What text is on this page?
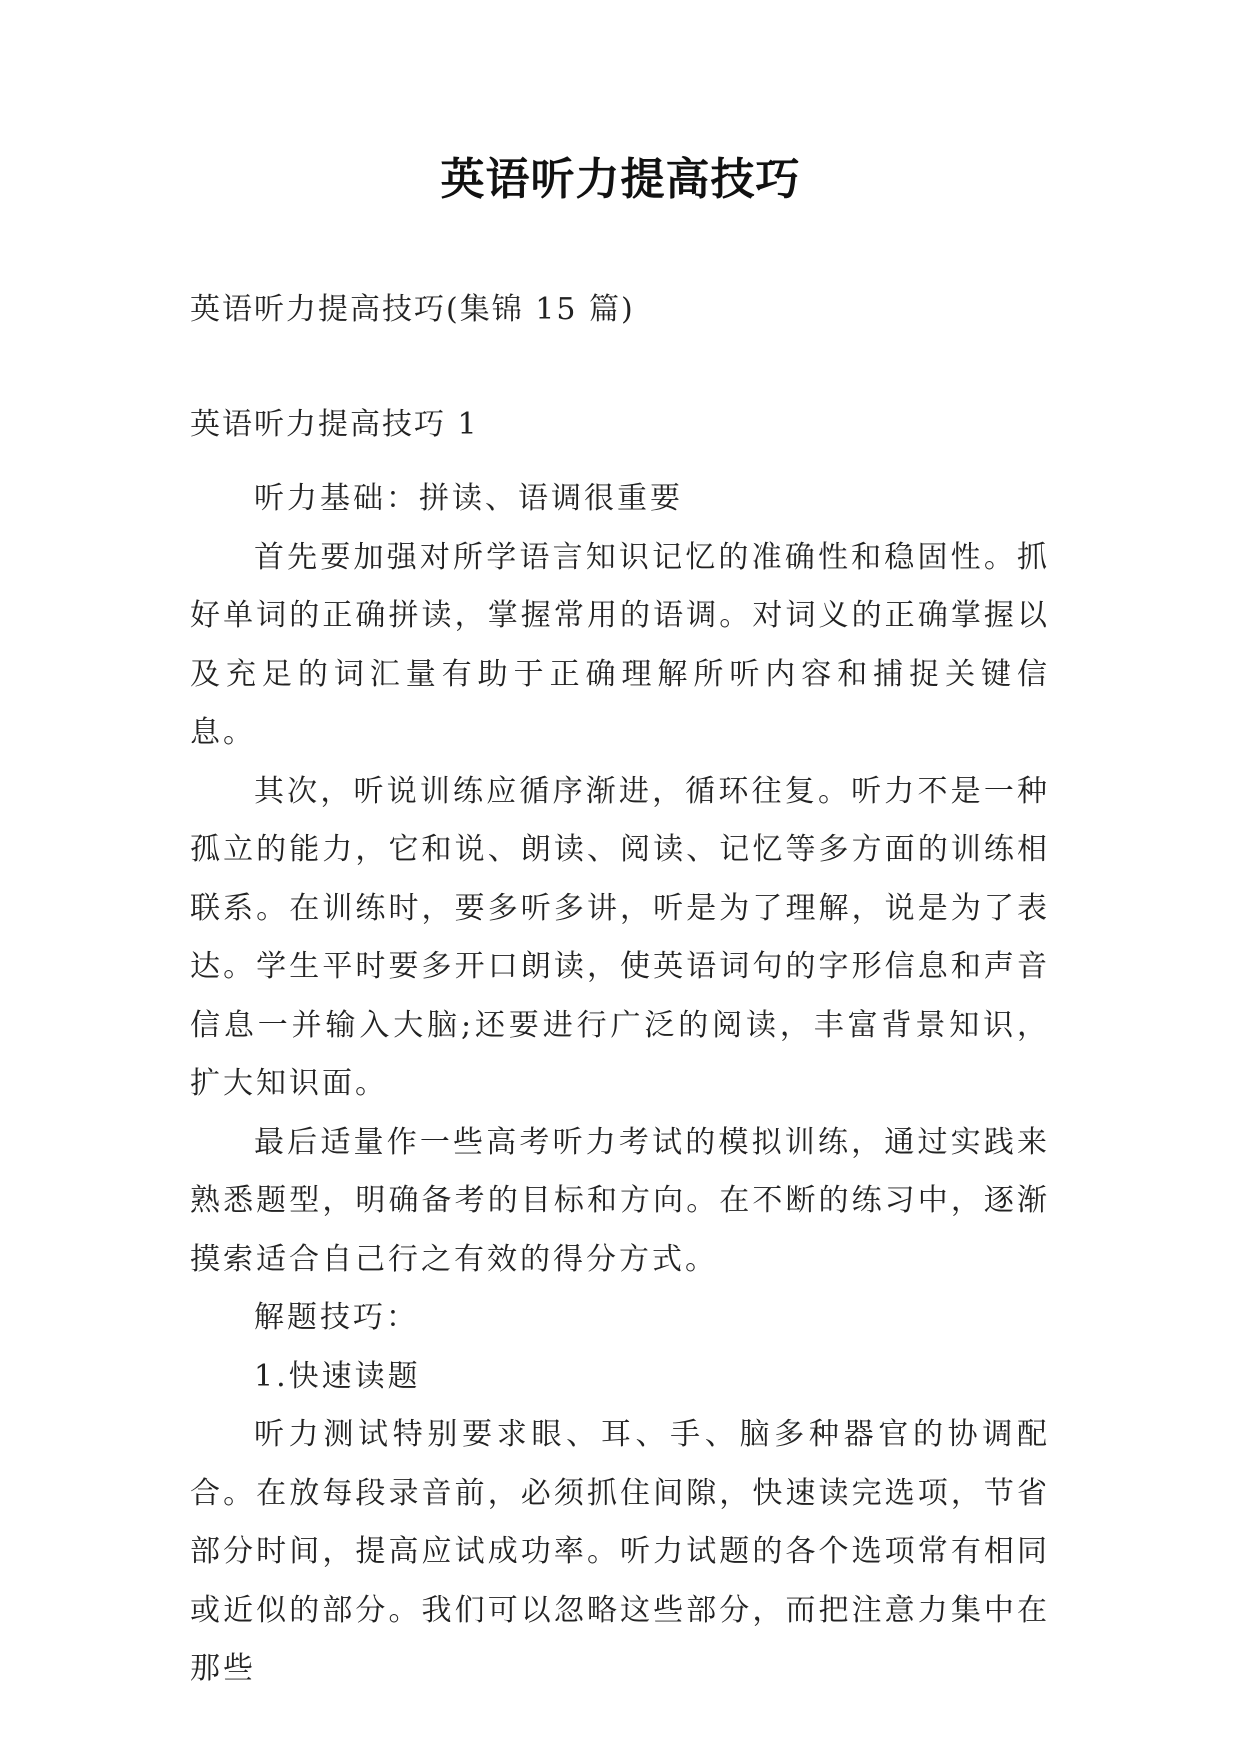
英语听力提高技巧
英语听力提高技巧(集锦 15 篇)
英语听力提高技巧 1

听力基础：拼读、语调很重要

首先要加强对所学语言知识记忆的准确性和稳固性。抓好单词的正确拼读，掌握常用的语调。对词义的正确掌握以及充足的词汇量有助于正确理解所听内容和捕捉关键信 息。

其次，听说训练应循序渐进，循环往复。听力不是一种孤立的能力，它和说、朗读、阅读、记忆等多方面的训练相联系。在训练时，要多听多讲，听是为了理解，说是为了表达。学生平时要多开口朗读，使英语词句的字形信息和声音信息一并输入大脑;还要进行广泛的阅读，丰富背景知识，扩大知识面。

最后适量作一些高考听力考试的模拟训练，通过实践来熟悉题型，明确备考的目标和方向。在不断的练习中，逐渐摸索适合自己行之有效的得分方式。

解题技巧：

1.快速读题

听力测试特别要求眼、耳、手、脑多种器官的协调配合。在放每段录音前，必须抓住间隙，快速读完选项，节省部分时间，提高应试成功率。听力试题的各个选项常有相同或近似的部分。我们可以忽略这些部分，而把注意力集中在那些
